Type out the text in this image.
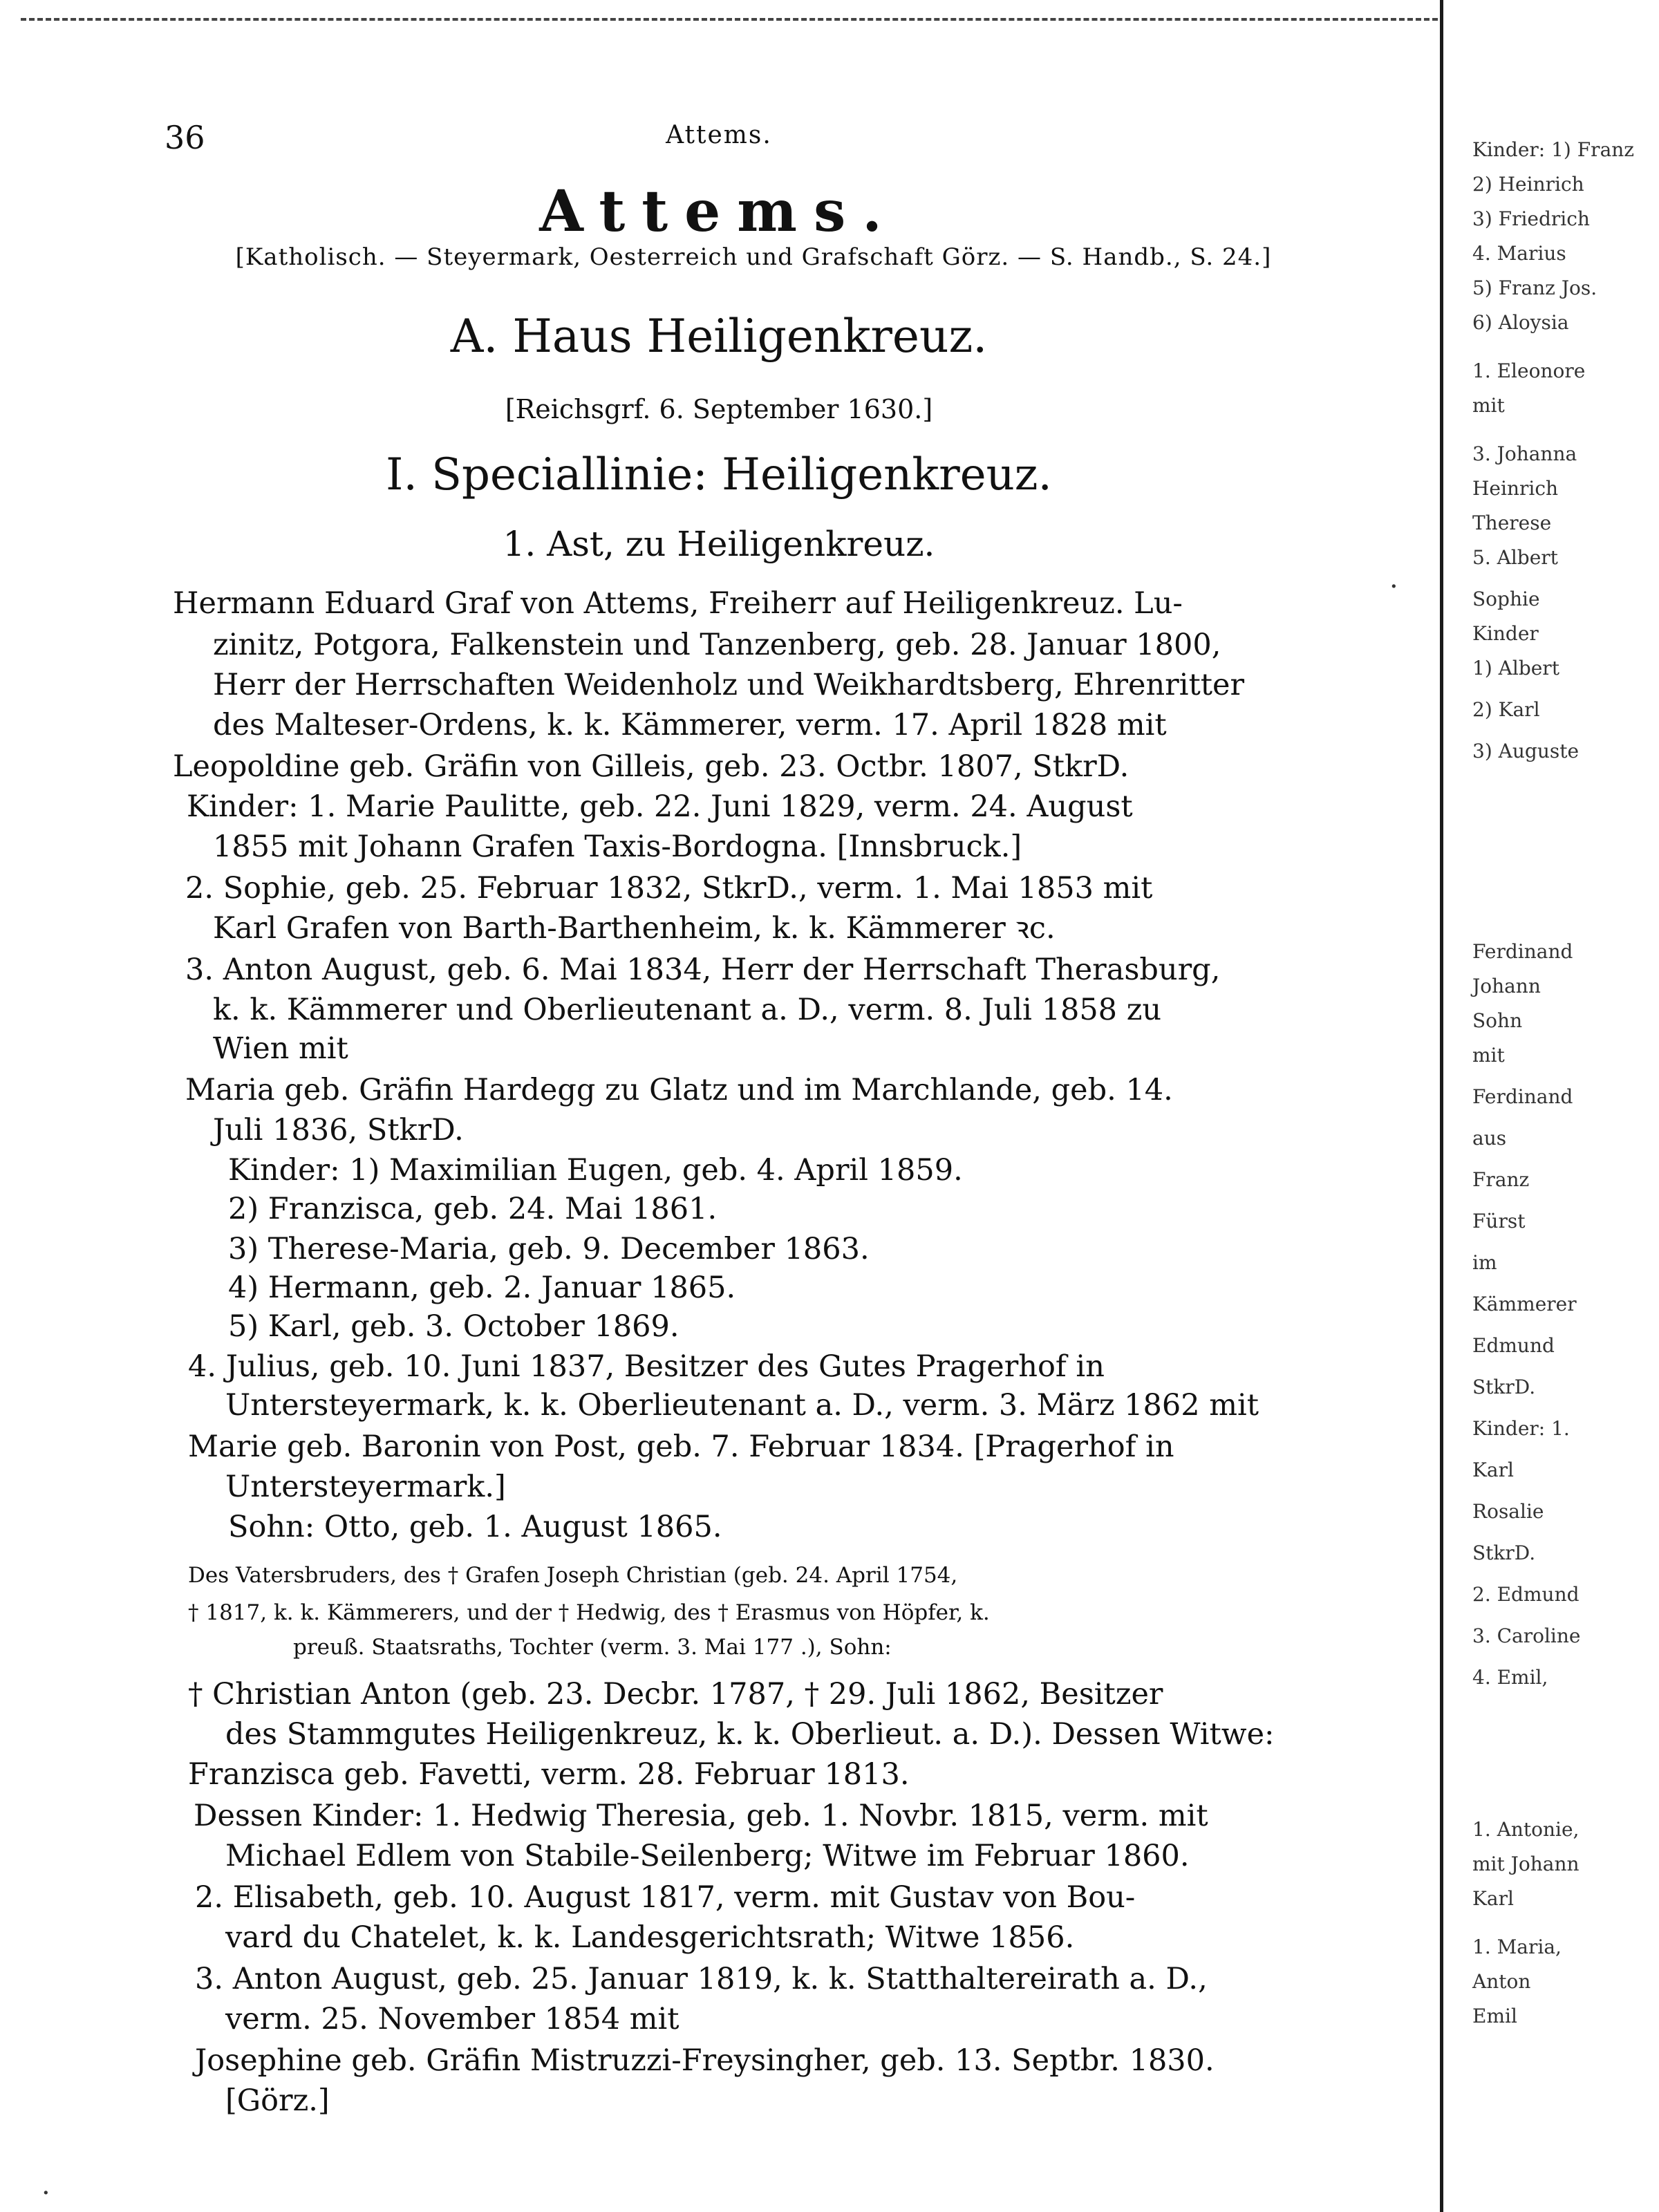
36	Attems.
Attems.
[Katholisch. — Steyermark, Oesterreich und Grafschaft Görz. — S. Handb., S. 24.]
A. Haus Heiligenkreuz.
[Reichsgrf. 6. September 1630.]
I. Speciallinie: Heiligenkreuz.
1. Ast, zu Heiligenkreuz.
Hermann Eduard Graf von Attems, Freiherr auf Heiligenkreuz. Lu-
zinitz, Potgora, Falkenstein und Tanzenberg, geb. 28. Januar 1800,
Herr der Herrschaften Weidenholz und Weikhardtsberg, Ehrenritter
des Malteser-Ordens, k. k. Kämmerer, verm. 17. April 1828 mit
Leopoldine geb. Gräfin von Gilleis, geb. 23. Octbr. 1807, StkrD.
Kinder: 1. Marie Paulitte, geb. 22. Juni 1829, verm. 24. August
1855 mit Johann Grafen Taxis-Bordogna. [Innsbruck.]
2. Sophie, geb. 25. Februar 1832, StkrD., verm. 1. Mai 1853 mit
Karl Grafen von Barth-Barthenheim, k. k. Kämmerer ꝛc.
3. Anton August, geb. 6. Mai 1834, Herr der Herrschaft Therasburg,
k. k. Kämmerer und Oberlieutenant a. D., verm. 8. Juli 1858 zu
Wien mit
Maria geb. Gräfin Hardegg zu Glatz und im Marchlande, geb. 14.
Juli 1836, StkrD.
Kinder: 1) Maximilian Eugen, geb. 4. April 1859.
2) Franzisca, geb. 24. Mai 1861.
3) Therese-Maria, geb. 9. December 1863.
4) Hermann, geb. 2. Januar 1865.
5) Karl, geb. 3. October 1869.
4. Julius, geb. 10. Juni 1837, Besitzer des Gutes Pragerhof in
Untersteyermark, k. k. Oberlieutenant a. D., verm. 3. März 1862 mit
Marie geb. Baronin von Post, geb. 7. Februar 1834. [Pragerhof in
Untersteyermark.]
Sohn: Otto, geb. 1. August 1865.
Des Vatersbruders, des † Grafen Joseph Christian (geb. 24. April 1754,
† 1817, k. k. Kämmerers, und der † Hedwig, des † Erasmus von Höpfer, k.
preuß. Staatsraths, Tochter (verm. 3. Mai 177 .), Sohn:
† Christian Anton (geb. 23. Decbr. 1787, † 29. Juli 1862, Besitzer
des Stammgutes Heiligenkreuz, k. k. Oberlieut. a. D.). Dessen Witwe:
Franzisca geb. Favetti, verm. 28. Februar 1813.
Dessen Kinder: 1. Hedwig Theresia, geb. 1. Novbr. 1815, verm. mit
Michael Edlem von Stabile-Seilenberg; Witwe im Februar 1860.
2. Elisabeth, geb. 10. August 1817, verm. mit Gustav von Bou-
vard du Chatelet, k. k. Landesgerichtsrath; Witwe 1856.
3. Anton August, geb. 25. Januar 1819, k. k. Statthaltereirath a. D.,
verm. 25. November 1854 mit
Josephine geb. Gräfin Mistruzzi-Freysingher, geb. 13. Septbr. 1830.
[Görz.]
·
·
Kinder: 1) Franz
2) Heinrich
3) Friedrich
4. Marius
5) Franz Jos.
6) Aloysia
1. Eleonore
mit
3. Johanna
Heinrich
Therese
5. Albert
Sophie
Kinder
1) Albert
2) Karl
3) Auguste
Ferdinand
Johann
Sohn
mit
Ferdinand
aus
Franz
Fürst
im
Kämmerer
Edmund
StkrD.
Kinder: 1.
Karl
Rosalie
StkrD.
2. Edmund
3. Caroline
4. Emil,
1. Antonie,
mit Johann
Karl
1. Maria,
Anton
Emil
